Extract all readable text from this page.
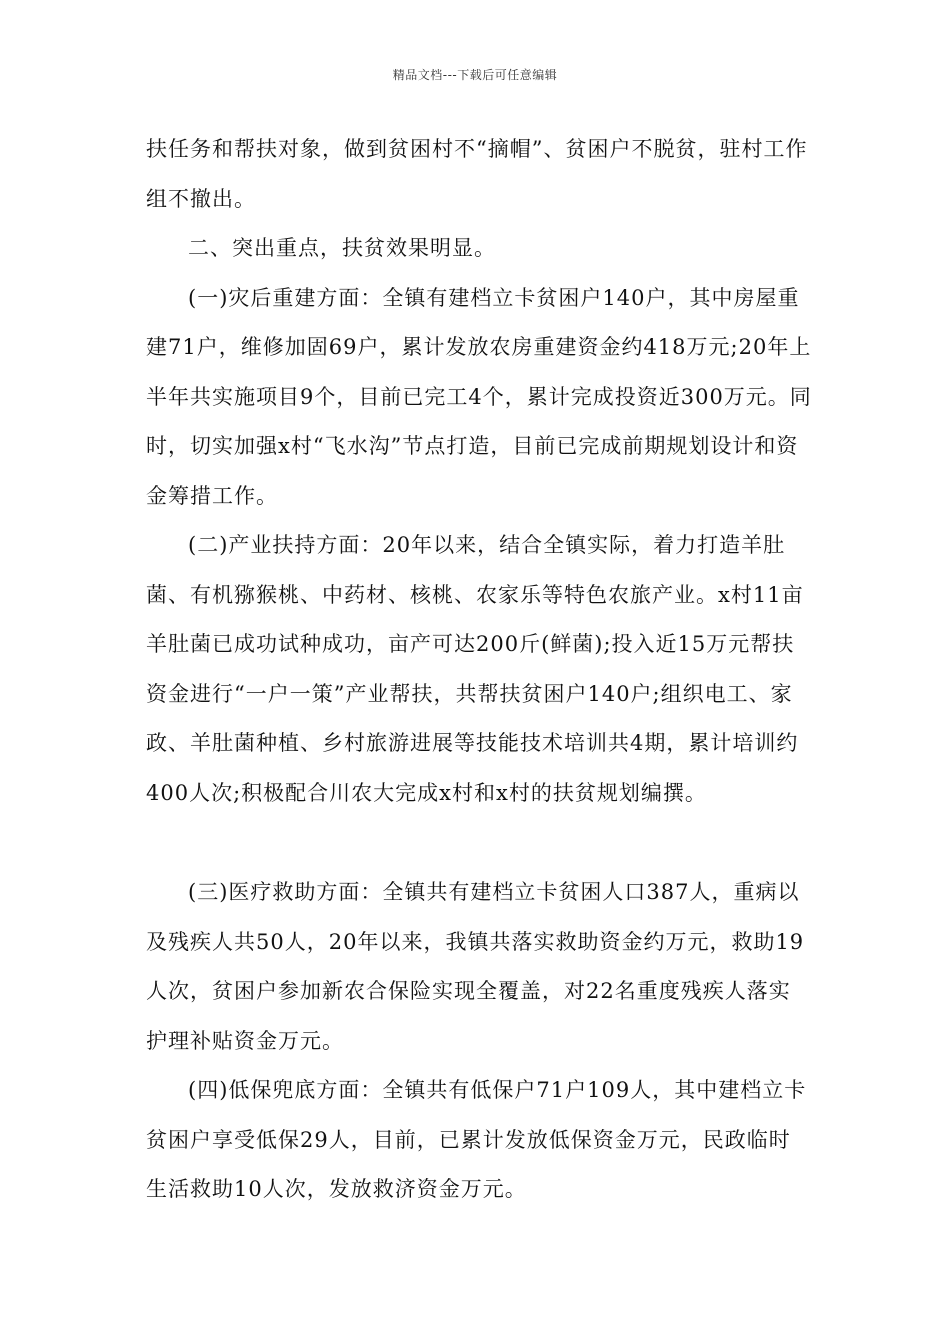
精品文档---下载后可任意编辑

扶任务和帮扶对象，做到贫困村不“摘帽”、贫困户不脱贫，驻村工作组不撤出。

二、突出重点，扶贫效果明显。

(一)灾后重建方面：全镇有建档立卡贫困户140户，其中房屋重建71户，维修加固69户，累计发放农房重建资金约418万元;20年上半年共实施项目9个，目前已完工4个，累计完成投资近300万元。同时，切实加强x村“飞水沟”节点打造，目前已完成前期规划设计和资金筹措工作。

(二)产业扶持方面：20年以来，结合全镇实际，着力打造羊肚菌、有机猕猴桃、中药材、核桃、农家乐等特色农旅产业。x村11亩羊肚菌已成功试种成功，亩产可达200斤(鲜菌);投入近15万元帮扶资金进行“一户一策”产业帮扶，共帮扶贫困户140户;组织电工、家政、羊肚菌种植、乡村旅游进展等技能技术培训共4期，累计培训约400人次;积极配合川农大完成x村和x村的扶贫规划编撰。

(三)医疗救助方面：全镇共有建档立卡贫困人口387人，重病以及残疾人共50人，20年以来，我镇共落实救助资金约万元，救助19人次，贫困户参加新农合保险实现全覆盖，对22名重度残疾人落实护理补贴资金万元。

(四)低保兜底方面：全镇共有低保户71户109人，其中建档立卡贫困户享受低保29人，目前，已累计发放低保资金万元，民政临时生活救助10人次，发放救济资金万元。
